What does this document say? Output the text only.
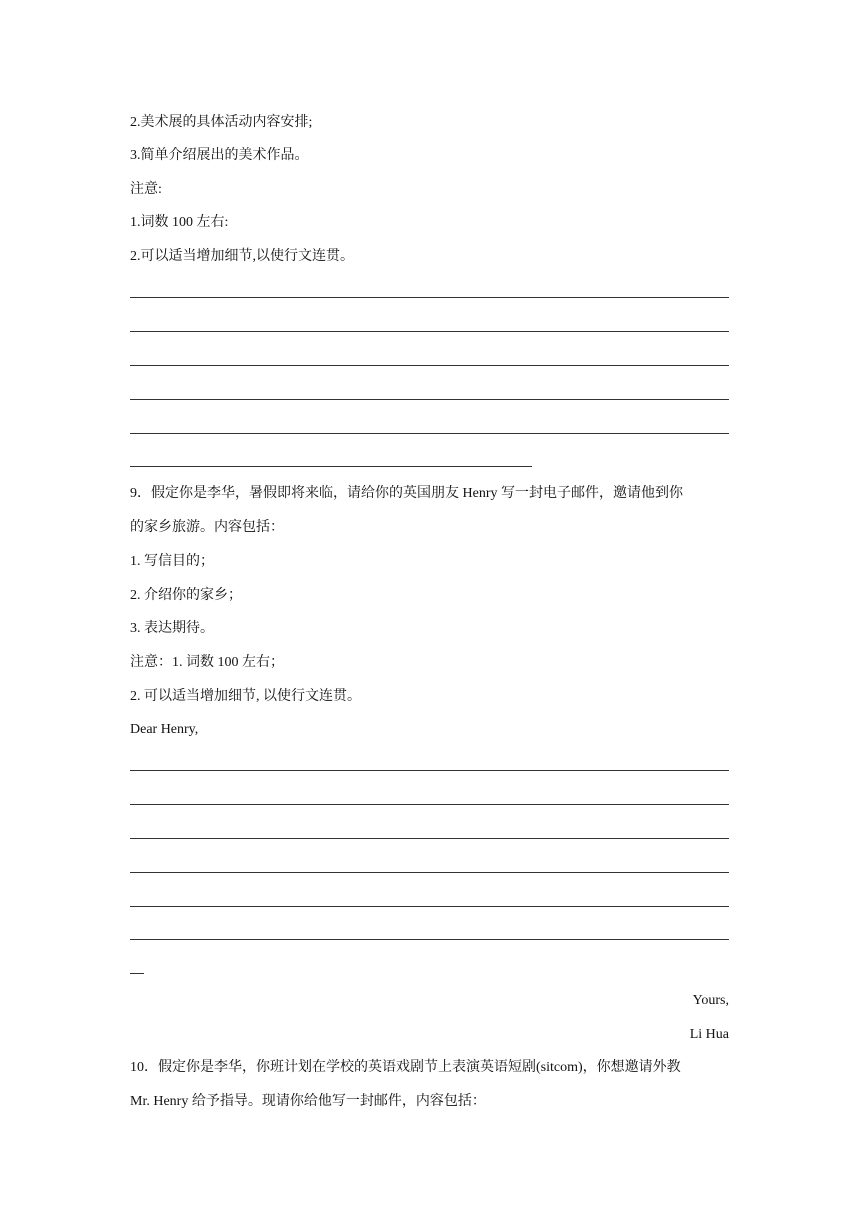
2.美术展的具体活动内容安排;
3.简单介绍展出的美术作品。
注意:
1.词数 100 左右:
2.可以适当增加细节,以使行文连贯。
9．假定你是李华，暑假即将来临，请给你的英国朋友 Henry 写一封电子邮件，邀请他到你
的家乡旅游。内容包括：
1. 写信目的；
2. 介绍你的家乡；
3. 表达期待。
注意：1. 词数 100 左右；
2. 可以适当增加细节, 以使行文连贯。
Dear Henry,
Yours,
Li Hua
10．假定你是李华，你班计划在学校的英语戏剧节上表演英语短剧(sitcom)，你想邀请外教
Mr. Henry 给予指导。现请你给他写一封邮件，内容包括：
